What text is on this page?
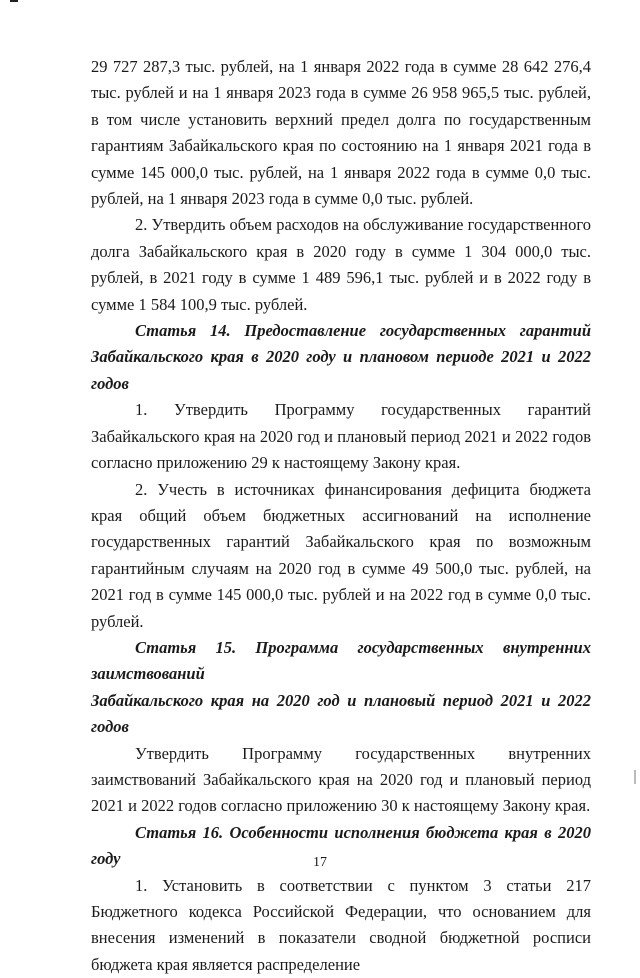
29 727 287,3 тыс. рублей, на 1 января 2022 года в сумме 28 642 276,4 тыс. рублей и на 1 января 2023 года в сумме 26 958 965,5 тыс. рублей, в том числе установить верхний предел долга по государственным гарантиям Забайкальского края по состоянию на 1 января 2021 года в сумме 145 000,0 тыс. рублей, на 1 января 2022 года в сумме 0,0 тыс. рублей, на 1 января 2023 года в сумме 0,0 тыс. рублей.

2. Утвердить объем расходов на обслуживание государственного долга Забайкальского края в 2020 году в сумме 1 304 000,0 тыс. рублей, в 2021 году в сумме 1 489 596,1 тыс. рублей и в 2022 году в сумме 1 584 100,9 тыс. рублей.

Статья 14. Предоставление государственных гарантий
Забайкальского края в 2020 году и плановом периоде 2021 и 2022 годов

1. Утвердить Программу государственных гарантий Забайкальского края на 2020 год и плановый период 2021 и 2022 годов согласно приложению 29 к настоящему Закону края.

2. Учесть в источниках финансирования дефицита бюджета края общий объем бюджетных ассигнований на исполнение государственных гарантий Забайкальского края по возможным гарантийным случаям на 2020 год в сумме 49 500,0 тыс. рублей, на 2021 год в сумме 145 000,0 тыс. рублей и на 2022 год в сумме 0,0 тыс. рублей.

Статья 15. Программа государственных внутренних заимствований
Забайкальского края на 2020 год и плановый период 2021 и 2022 годов

Утвердить Программу государственных внутренних заимствований Забайкальского края на 2020 год и плановый период 2021 и 2022 годов согласно приложению 30 к настоящему Закону края.

Статья 16. Особенности исполнения бюджета края в 2020 году

1. Установить в соответствии с пунктом 3 статьи 217 Бюджетного кодекса Российской Федерации, что основанием для внесения изменений в показатели сводной бюджетной росписи бюджета края является распределение

17
